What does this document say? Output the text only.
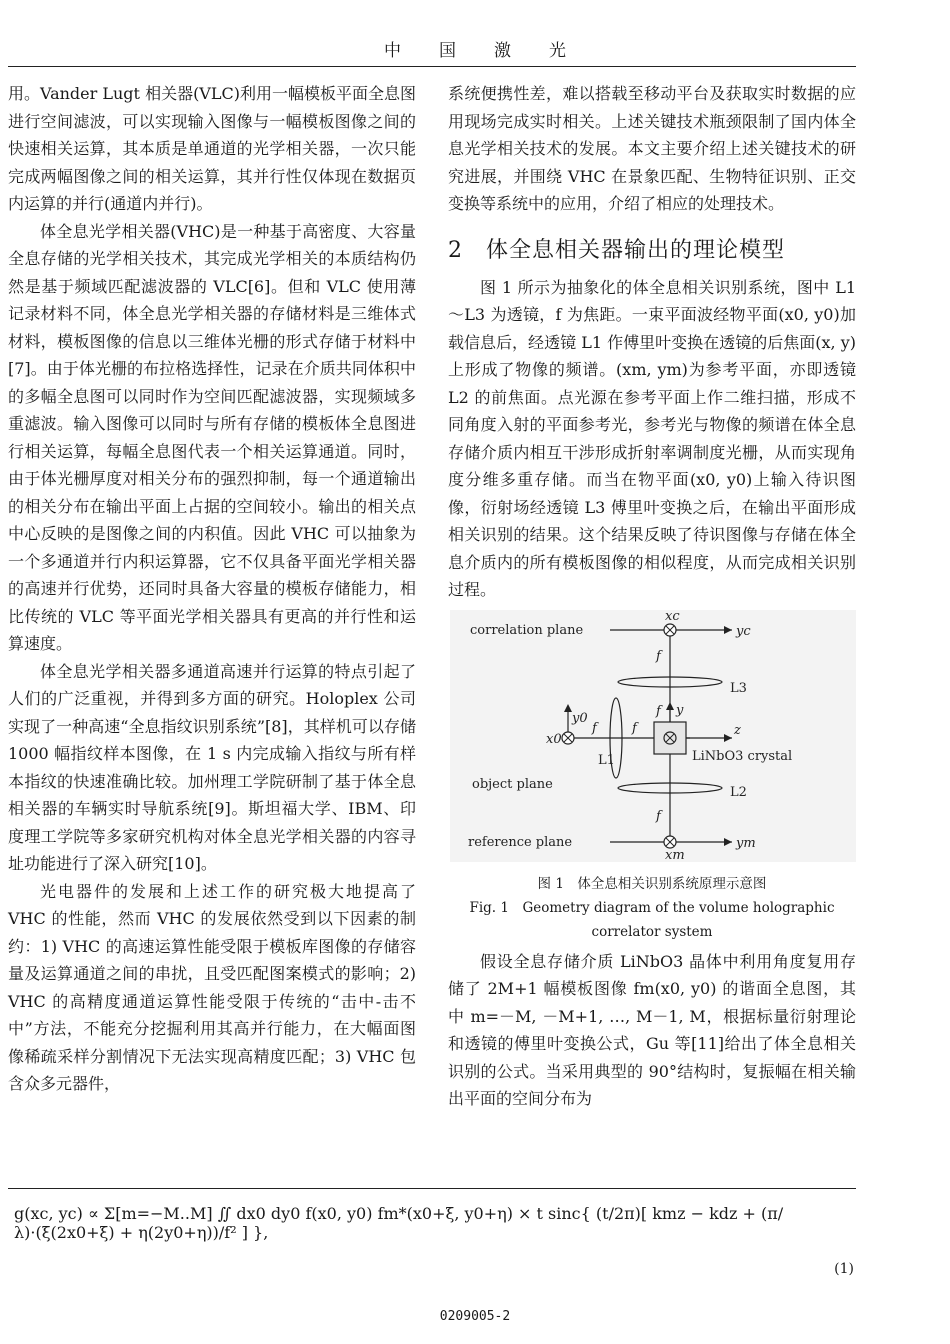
中国激光

用。Vander Lugt 相关器(VLC)利用一幅模板平面全息图进行空间滤波，可以实现输入图像与一幅模板图像之间的快速相关运算，其本质是单通道的光学相关器，一次只能完成两幅图像之间的相关运算，其并行性仅体现在数据页内运算的并行(通道内并行)。

体全息光学相关器(VHC)是一种基于高密度、大容量全息存储的光学相关技术，其完成光学相关的本质结构仍然是基于频域匹配滤波器的 VLC[6]。但和 VLC 使用薄记录材料不同，体全息光学相关器的存储材料是三维体式材料，模板图像的信息以三维体光栅的形式存储于材料中[7]。由于体光栅的布拉格选择性，记录在介质共同体积中的多幅全息图可以同时作为空间匹配滤波器，实现频域多重滤波。输入图像可以同时与所有存储的模板体全息图进行相关运算，每幅全息图代表一个相关运算通道。同时，由于体光栅厚度对相关分布的强烈抑制，每一个通道输出的相关分布在输出平面上占据的空间较小。输出的相关点中心反映的是图像之间的内积值。因此 VHC 可以抽象为一个多通道并行内积运算器，它不仅具备平面光学相关器的高速并行优势，还同时具备大容量的模板存储能力，相比传统的 VLC 等平面光学相关器具有更高的并行性和运算速度。

体全息光学相关器多通道高速并行运算的特点引起了人们的广泛重视，并得到多方面的研究。Holoplex 公司实现了一种高速“全息指纹识别系统”[8]，其样机可以存储 1000 幅指纹样本图像，在 1 s 内完成输入指纹与所有样本指纹的快速准确比较。加州理工学院研制了基于体全息相关器的车辆实时导航系统[9]。斯坦福大学、IBM、印度理工学院等多家研究机构对体全息光学相关器的内容寻址功能进行了深入研究[10]。

光电器件的发展和上述工作的研究极大地提高了 VHC 的性能，然而 VHC 的发展依然受到以下因素的制约：1) VHC 的高速运算性能受限于模板库图像的存储容量及运算通道之间的串扰，且受匹配图案模式的影响；2) VHC 的高精度通道运算性能受限于传统的“击中-击不中”方法，不能充分挖掘利用其高并行能力，在大幅面图像稀疏采样分割情况下无法实现高精度匹配；3) VHC 包含众多元器件，

系统便携性差，难以搭载至移动平台及获取实时数据的应用现场完成实时相关。上述关键技术瓶颈限制了国内体全息光学相关技术的发展。本文主要介绍上述关键技术的研究进展，并围绕 VHC 在景象匹配、生物特征识别、正交变换等系统中的应用，介绍了相应的处理技术。

2　体全息相关器输出的理论模型

图 1 所示为抽象化的体全息相关识别系统，图中 L1～L3 为透镜，f 为焦距。一束平面波经物平面(x0, y0)加载信息后，经透镜 L1 作傅里叶变换在透镜的后焦面(x, y)上形成了物像的频谱。(xm, ym)为参考平面，亦即透镜 L2 的前焦面。点光源在参考平面上作二维扫描，形成不同角度入射的平面参考光，参考光与物像的频谱在体全息存储介质内相互干涉形成折射率调制度光栅，从而实现角度分维多重存储。而当在物平面(x0, y0)上输入待识图像，衍射场经透镜 L3 傅里叶变换之后，在输出平面形成相关识别的结果。这个结果反映了待识图像与存储在体全息介质内的所有模板图像的相似程度，从而完成相关识别过程。

correlation plane
object plane
reference plane
LiNbO3 crystal
xc
yc
x0
y0
xm
ym
L3
L2
L1
f
f
f
f	f
y
z
图 1　体全息相关识别系统原理示意图
Fig. 1　Geometry diagram of the volume holographic
correlator system

假设全息存储介质 LiNbO3 晶体中利用角度复用存储了 2M+1 幅模板图像 fm(x0, y0) 的谐面全息图，其中 m=－M, －M+1, …, M－1, M，根据标量衍射理论和透镜的傅里叶变换公式，Gu 等[11]给出了体全息相关识别的公式。当采用典型的 90°结构时，复振幅在相关输出平面的空间分布为

g(xc, yc) ∝ Σ[m=−M..M] ∬ dx0 dy0 f(x0, y0) fm*(x0+ξ, y0+η) × t sinc{ (t/2π)[ kmz − kdz + (π/λ)·(ξ(2x0+ξ) + η(2y0+η))/f² ] },
(1)
0209005-2
